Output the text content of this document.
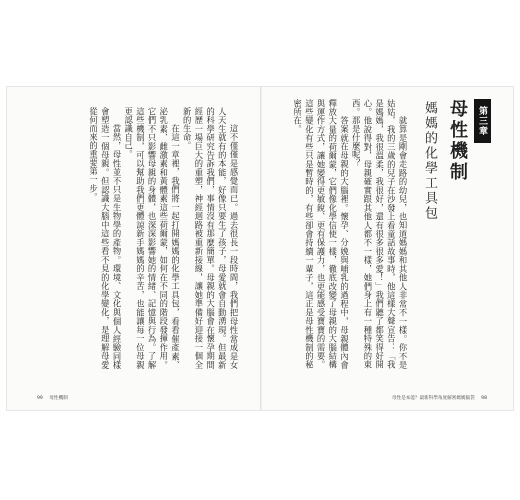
這不僅僅是感覺而已。過去很長一段時間，我們把母性當成是女人天生就有的本能，好像只要生了孩子，母愛就會自動湧現。但最新的科學研究告訴我們，事情沒有那麼簡單。母親的大腦會在懷孕期間經歷一場巨大的重塑，神經迴路被重新接線，讓她準備好迎接一個全新的生命。

在這一章裡，我們將一起打開媽媽的化學工具包，看看催產素、泌乳素、雌激素和黃體素這些荷爾蒙，如何在不同的階段發揮作用。它們不只影響母親的身體，也深深影響她的情緒、記憶與行為。了解這些機制，可以幫助我們更體諒新手媽媽的辛苦，也能讓每一位母親更認識自己。

當然，母性並不只是生物學的產物。環境、文化與個人經驗同樣會塑造一個母親。但認識大腦中這些看不見的化學變化，是理解母愛從何而來的重要第一步。

99 母性機制
第三章
母性機制
媽媽的化學工具包

就算是剛會走路的幼兒，也知道媽媽和其他人非常不一樣。你不是姑姑，我的三歲的兒子在沙發上看童話故事時，他這樣大聲宣告：「我是媽媽，我很溫柔，我很好，還有很多很多愛！」我們聽了都笑得好開心。他說得對，母親確實跟其他人都不一樣，她們身上有一種特殊的東西。那是什麼呢？

答案就在母親的大腦裡。懷孕、分娩與哺乳的過程中，母親體內會釋放大量的荷爾蒙，它們像化學信使一樣，徹底改變了母親的大腦結構與運作方式，讓她變得更敏銳、更有保護力，也更能感受寶寶的需要。這些變化有些只是暫時的，有些卻會持續一輩子，這正是母性機制的秘密所在。

母性是本能？最新科學角度解密媽媽腦袋 98
